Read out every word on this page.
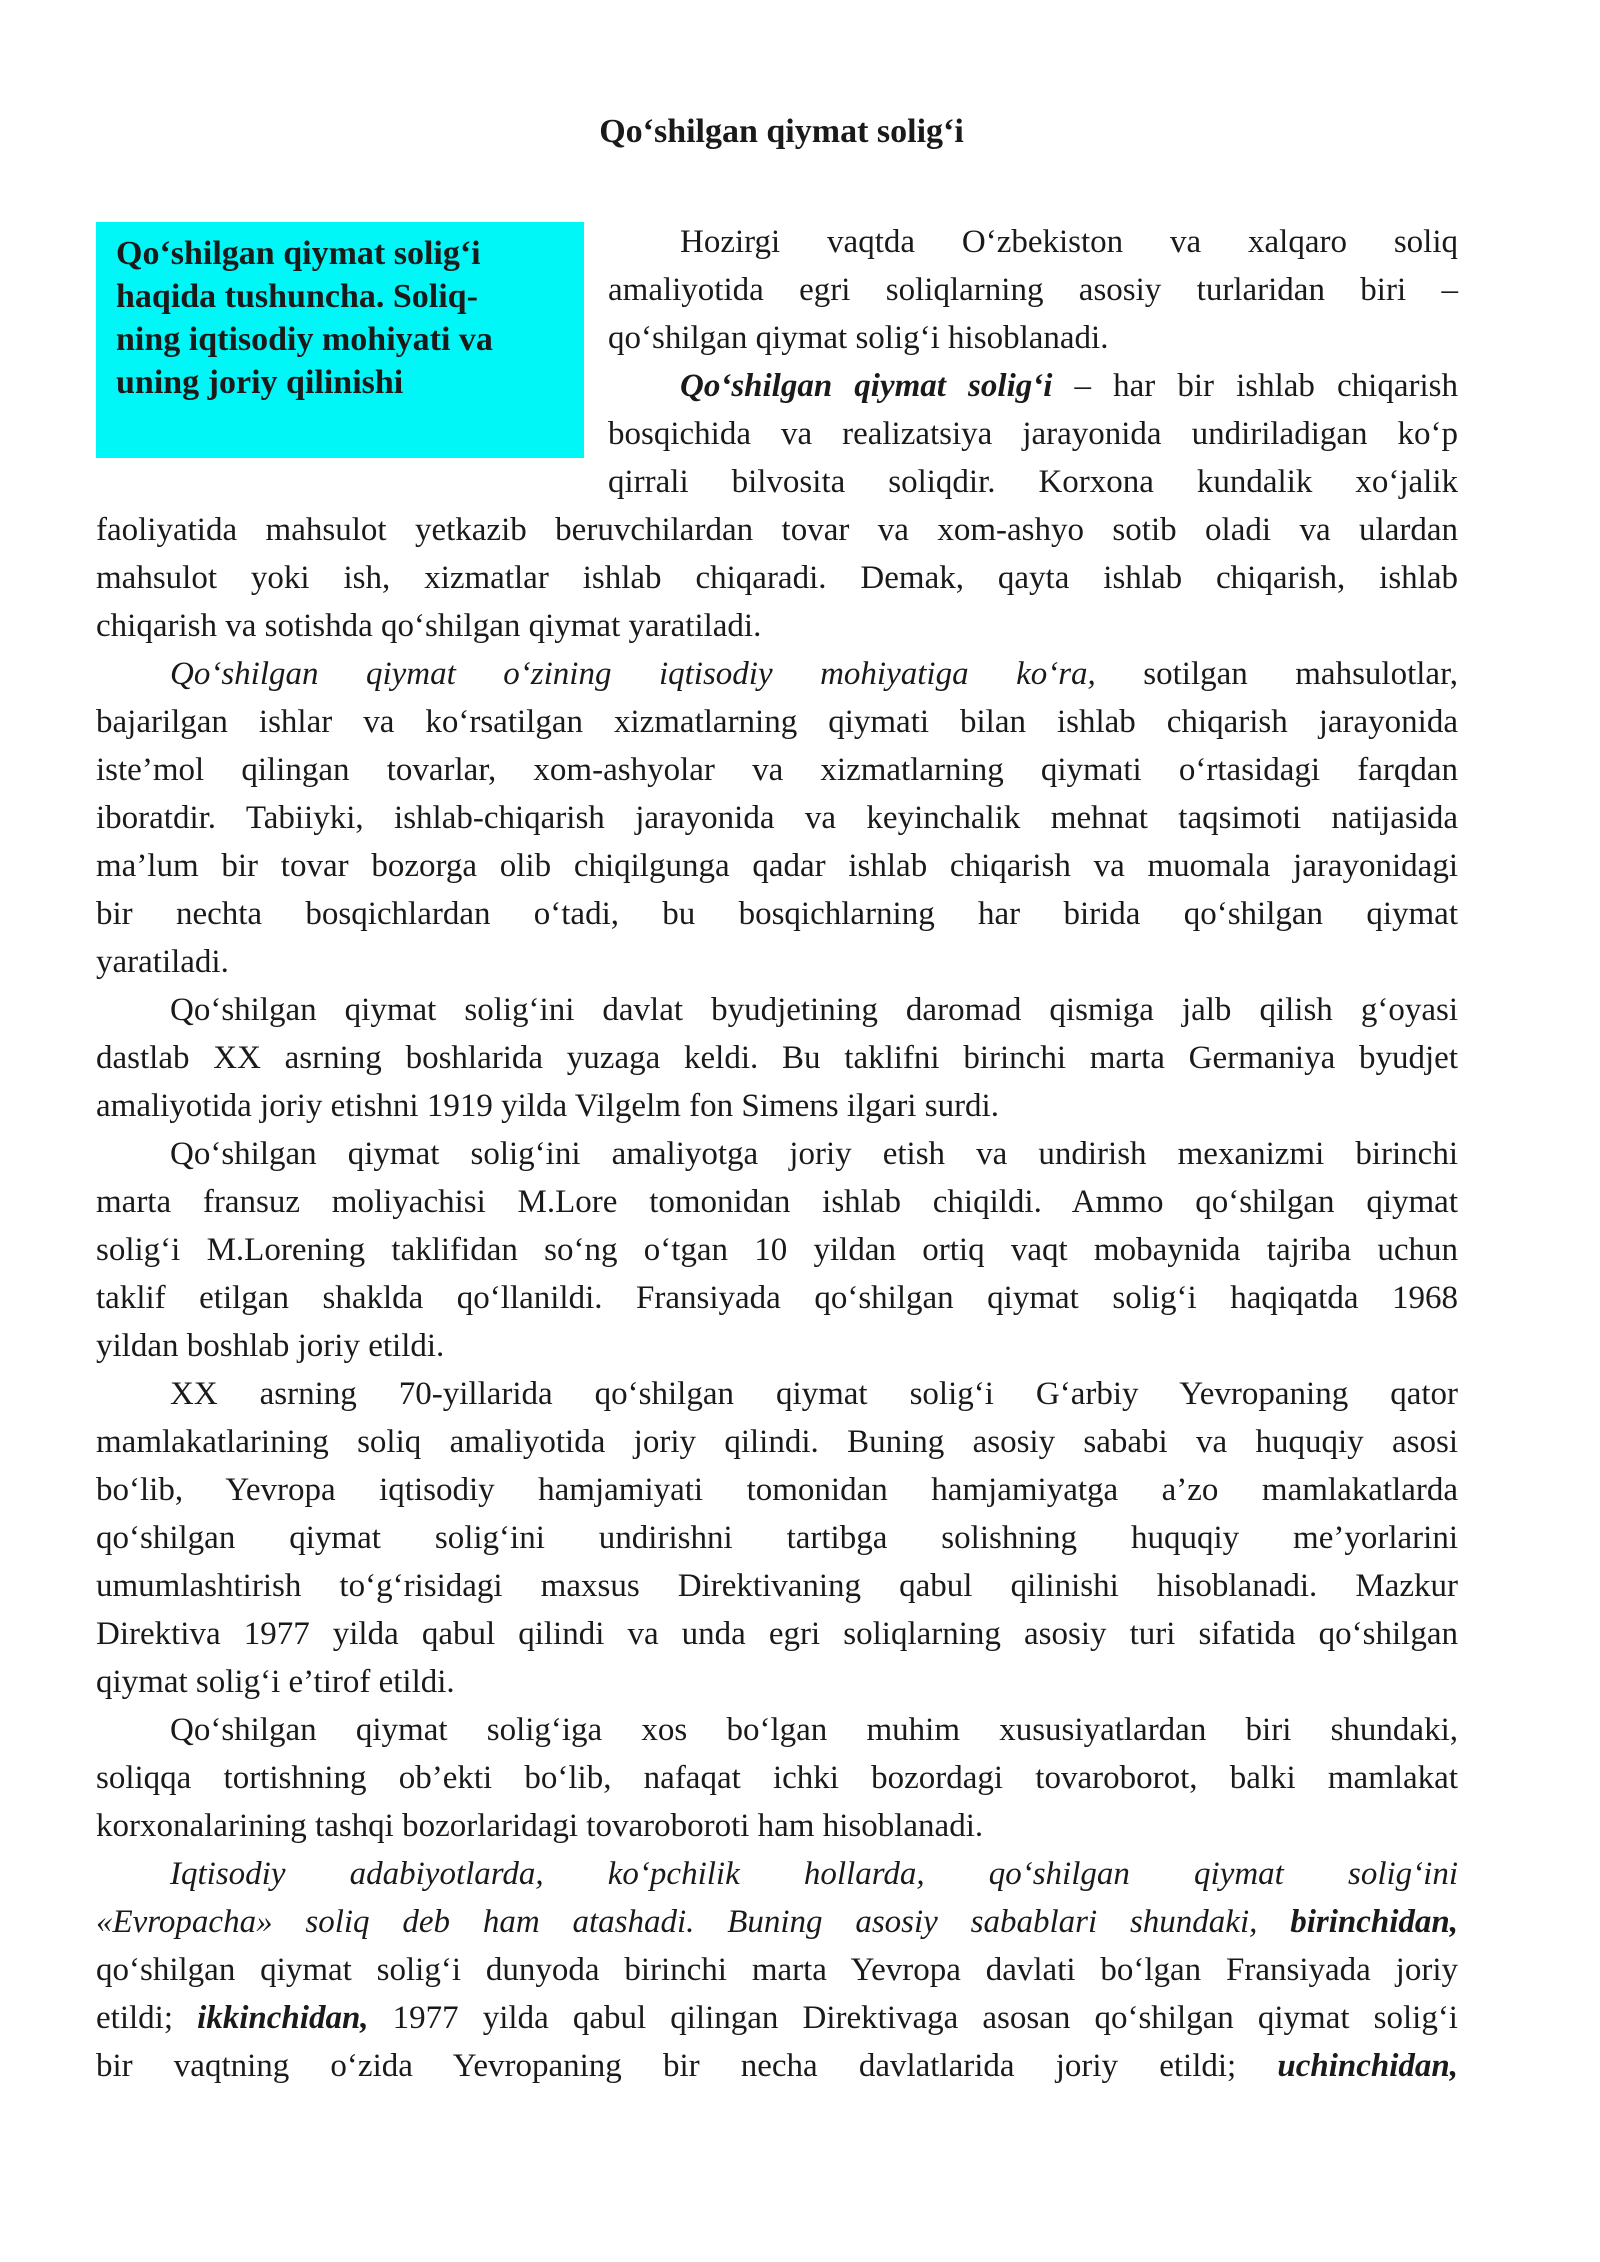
Qo‘shilgan qiymat solig‘i
Qo‘shilgan qiymat solig‘i
haqida tushuncha. Soliq-
ning iqtisodiy mohiyati va
uning joriy qilinishi
Hozirgi vaqtda O‘zbekiston va xalqaro soliq
amaliyotida egri soliqlarning asosiy turlaridan biri –
qo‘shilgan qiymat solig‘i hisoblanadi.
Qo‘shilgan qiymat solig‘i – har bir ishlab chiqarish
bosqichida va realizatsiya jarayonida undiriladigan ko‘p
qirrali bilvosita soliqdir. Korxona kundalik xo‘jalik
faoliyatida mahsulot yetkazib beruvchilardan tovar va xom-ashyo sotib oladi va ulardan
mahsulot yoki ish, xizmatlar ishlab chiqaradi. Demak, qayta ishlab chiqarish, ishlab
chiqarish va sotishda qo‘shilgan qiymat yaratiladi.
Qo‘shilgan qiymat o‘zining iqtisodiy mohiyatiga ko‘ra, sotilgan mahsulotlar,
bajarilgan ishlar va ko‘rsatilgan xizmatlarning qiymati bilan ishlab chiqarish jarayonida
iste’mol qilingan tovarlar, xom-ashyolar va xizmatlarning qiymati o‘rtasidagi farqdan
iboratdir. Tabiiyki, ishlab-chiqarish jarayonida va keyinchalik mehnat taqsimoti natijasida
ma’lum bir tovar bozorga olib chiqilgunga qadar ishlab chiqarish va muomala jarayonidagi
bir nechta bosqichlardan o‘tadi, bu bosqichlarning har birida qo‘shilgan qiymat
yaratiladi.
Qo‘shilgan qiymat solig‘ini davlat byudjetining daromad qismiga jalb qilish g‘oyasi
dastlab XX asrning boshlarida yuzaga keldi. Bu taklifni birinchi marta Germaniya byudjet
amaliyotida joriy etishni 1919 yilda Vilgelm fon Simens ilgari surdi.
Qo‘shilgan qiymat solig‘ini amaliyotga joriy etish va undirish mexanizmi birinchi
marta fransuz moliyachisi M.Lore tomonidan ishlab chiqildi. Ammo qo‘shilgan qiymat
solig‘i M.Lorening taklifidan so‘ng o‘tgan 10 yildan ortiq vaqt mobaynida tajriba uchun
taklif etilgan shaklda qo‘llanildi. Fransiyada qo‘shilgan qiymat solig‘i haqiqatda 1968
yildan boshlab joriy etildi.
XX asrning 70-yillarida qo‘shilgan qiymat solig‘i G‘arbiy Yevropaning qator
mamlakatlarining soliq amaliyotida joriy qilindi. Buning asosiy sababi va huquqiy asosi
bo‘lib, Yevropa iqtisodiy hamjamiyati tomonidan hamjamiyatga a’zo mamlakatlarda
qo‘shilgan qiymat solig‘ini undirishni tartibga solishning huquqiy me’yorlarini
umumlashtirish to‘g‘risidagi maxsus Direktivaning qabul qilinishi hisoblanadi. Mazkur
Direktiva 1977 yilda qabul qilindi va unda egri soliqlarning asosiy turi sifatida qo‘shilgan
qiymat solig‘i e’tirof etildi.
Qo‘shilgan qiymat solig‘iga xos bo‘lgan muhim xususiyatlardan biri shundaki,
soliqqa tortishning ob’ekti bo‘lib, nafaqat ichki bozordagi tovaroborot, balki mamlakat
korxonalarining tashqi bozorlaridagi tovaroboroti ham hisoblanadi.
Iqtisodiy adabiyotlarda, ko‘pchilik hollarda, qo‘shilgan qiymat solig‘ini
«Evropacha» soliq deb ham atashadi. Buning asosiy sabablari shundaki, birinchidan,
qo‘shilgan qiymat solig‘i dunyoda birinchi marta Yevropa davlati bo‘lgan Fransiyada joriy
etildi; ikkinchidan, 1977 yilda qabul qilingan Direktivaga asosan qo‘shilgan qiymat solig‘i
bir vaqtning o‘zida Yevropaning bir necha davlatlarida joriy etildi; uchinchidan,
